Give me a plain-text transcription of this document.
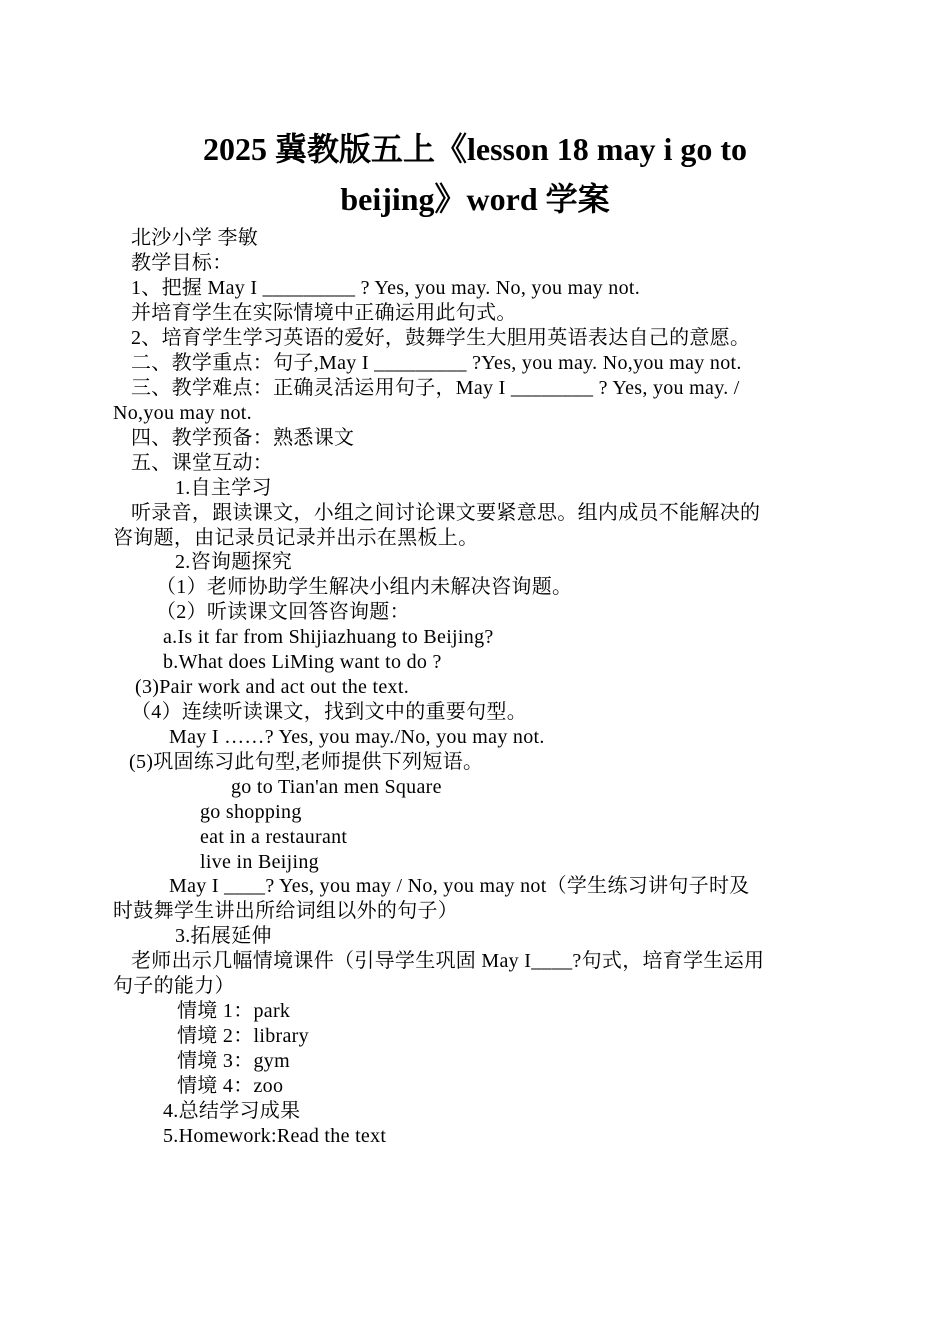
2025 冀教版五上《lesson 18 may i go to
beijing》word 学案
北沙小学 李敏
教学目标：
1、把握 May I _________ ? Yes, you may. No, you may not.
并培育学生在实际情境中正确运用此句式。
2、培育学生学习英语的爱好，鼓舞学生大胆用英语表达自己的意愿。
二、教学重点：句子,May I _________ ?Yes, you may. No,you may not.
三、教学难点：正确灵活运用句子，May I ________ ? Yes, you may. /
No,you may not.
四、教学预备：熟悉课文
五、课堂互动：
1.自主学习
听录音，跟读课文，小组之间讨论课文要紧意思。组内成员不能解决的
咨询题，由记录员记录并出示在黑板上。
2.咨询题探究
（1）老师协助学生解决小组内未解决咨询题。
（2）听读课文回答咨询题：
a.Is it far from Shijiazhuang to Beijing?
b.What does LiMing want to do ?
(3)Pair work and act out the text.
（4）连续听读课文，找到文中的重要句型。
May I ……? Yes, you may./No, you may not.
(5)巩固练习此句型,老师提供下列短语。
go to Tian'an men Square
go shopping
eat in a restaurant
live in Beijing
May I ____? Yes, you may / No, you may not（学生练习讲句子时及
时鼓舞学生讲出所给词组以外的句子）
3.拓展延伸
老师出示几幅情境课件（引导学生巩固 May I____?句式，培育学生运用
句子的能力）
情境 1：park
情境 2：library
情境 3：gym
情境 4：zoo
4.总结学习成果
5.Homework:Read the text
